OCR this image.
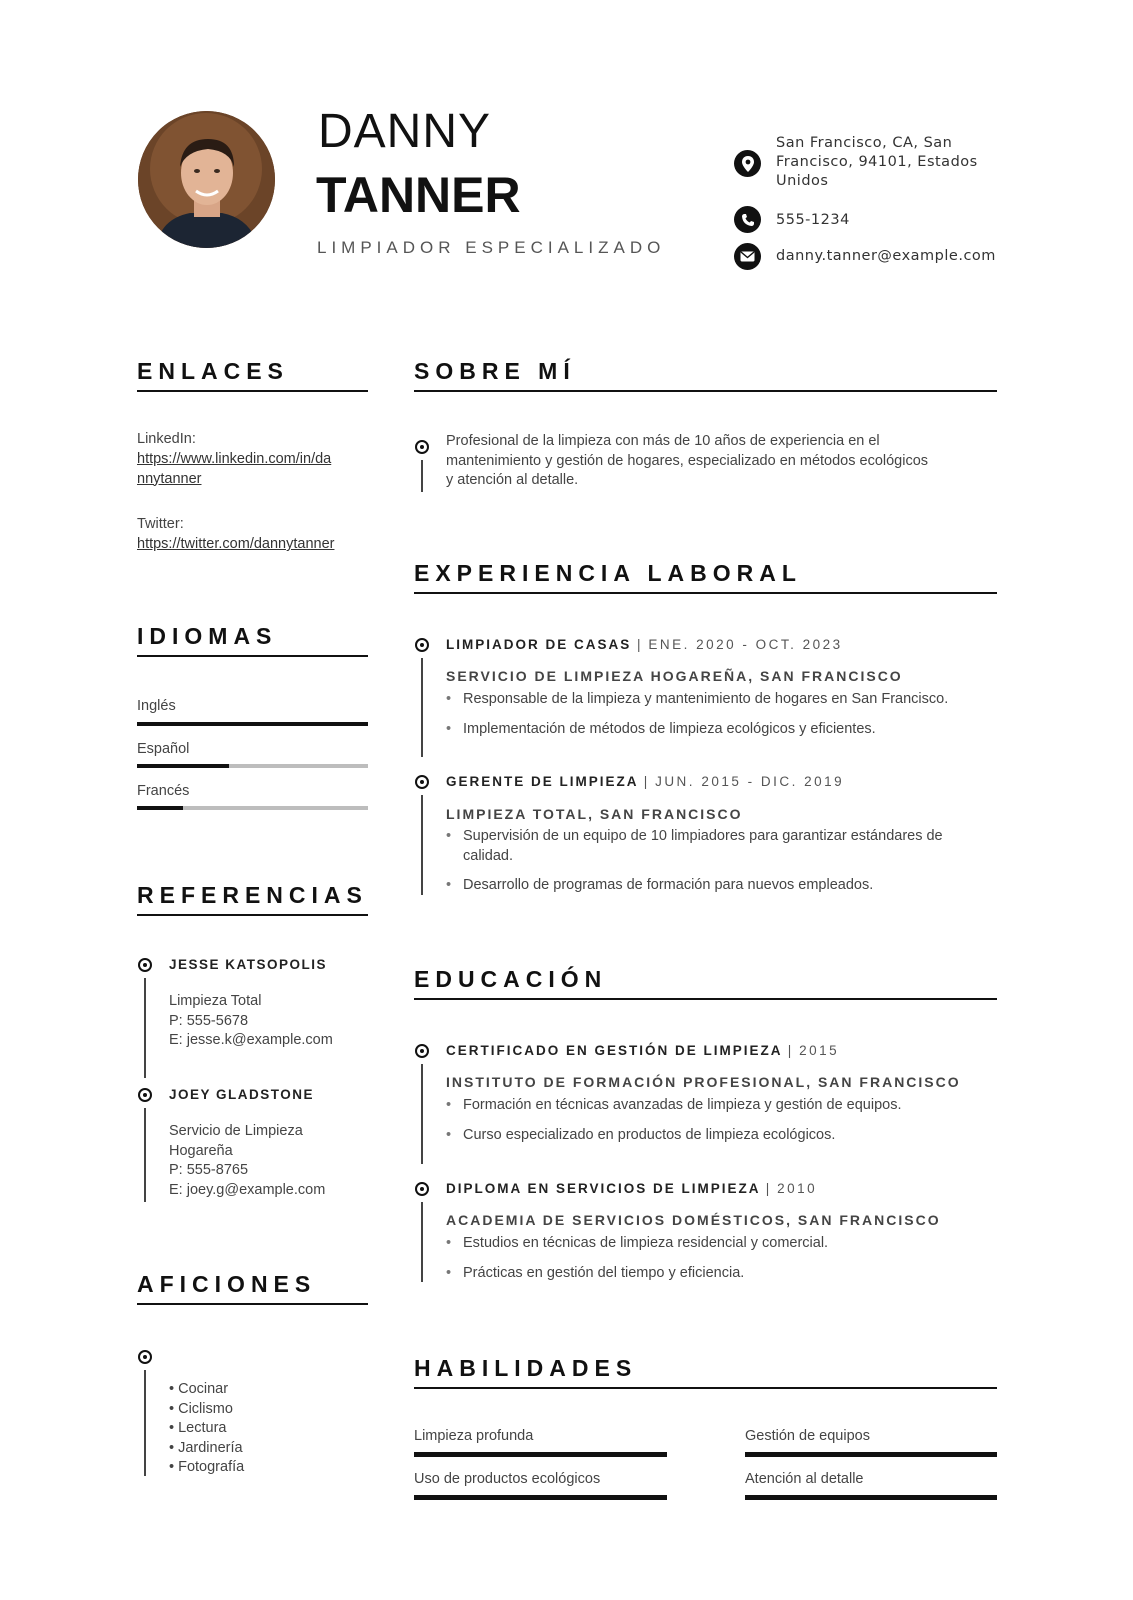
DANNY
TANNER
LIMPIADOR ESPECIALIZADO
San Francisco, CA, San
Francisco, 94101, Estados
Unidos
555-1234
danny.tanner@example.com
ENLACES
LinkedIn:
https://www.linkedin.com/in/da
nnytanner
Twitter:
https://twitter.com/dannytanner
IDIOMAS
Inglés
Español
Francés
REFERENCIAS
JESSE KATSOPOLIS
Limpieza Total
P: 555-5678
E: jesse.k@example.com
JOEY GLADSTONE
Servicio de Limpieza
Hogareña
P: 555-8765
E: joey.g@example.com
AFICIONES
• Cocinar
• Ciclismo
• Lectura
• Jardinería
• Fotografía
SOBRE MÍ
Profesional de la limpieza con más de 10 años de experiencia en el
mantenimiento y gestión de hogares, especializado en métodos ecológicos
y atención al detalle.
EXPERIENCIA LABORAL
LIMPIADOR DE CASAS | ENE. 2020 - OCT. 2023
SERVICIO DE LIMPIEZA HOGAREÑA, SAN FRANCISCO
• Responsable de la limpieza y mantenimiento de hogares en San Francisco.
• Implementación de métodos de limpieza ecológicos y eficientes.
GERENTE DE LIMPIEZA | JUN. 2015 - DIC. 2019
LIMPIEZA TOTAL, SAN FRANCISCO
• Supervisión de un equipo de 10 limpiadores para garantizar estándares de
calidad.
• Desarrollo de programas de formación para nuevos empleados.
EDUCACIÓN
CERTIFICADO EN GESTIÓN DE LIMPIEZA | 2015
INSTITUTO DE FORMACIÓN PROFESIONAL, SAN FRANCISCO
• Formación en técnicas avanzadas de limpieza y gestión de equipos.
• Curso especializado en productos de limpieza ecológicos.
DIPLOMA EN SERVICIOS DE LIMPIEZA | 2010
ACADEMIA DE SERVICIOS DOMÉSTICOS, SAN FRANCISCO
• Estudios en técnicas de limpieza residencial y comercial.
• Prácticas en gestión del tiempo y eficiencia.
HABILIDADES
Limpieza profunda	Gestión de equipos
Uso de productos ecológicos	Atención al detalle
